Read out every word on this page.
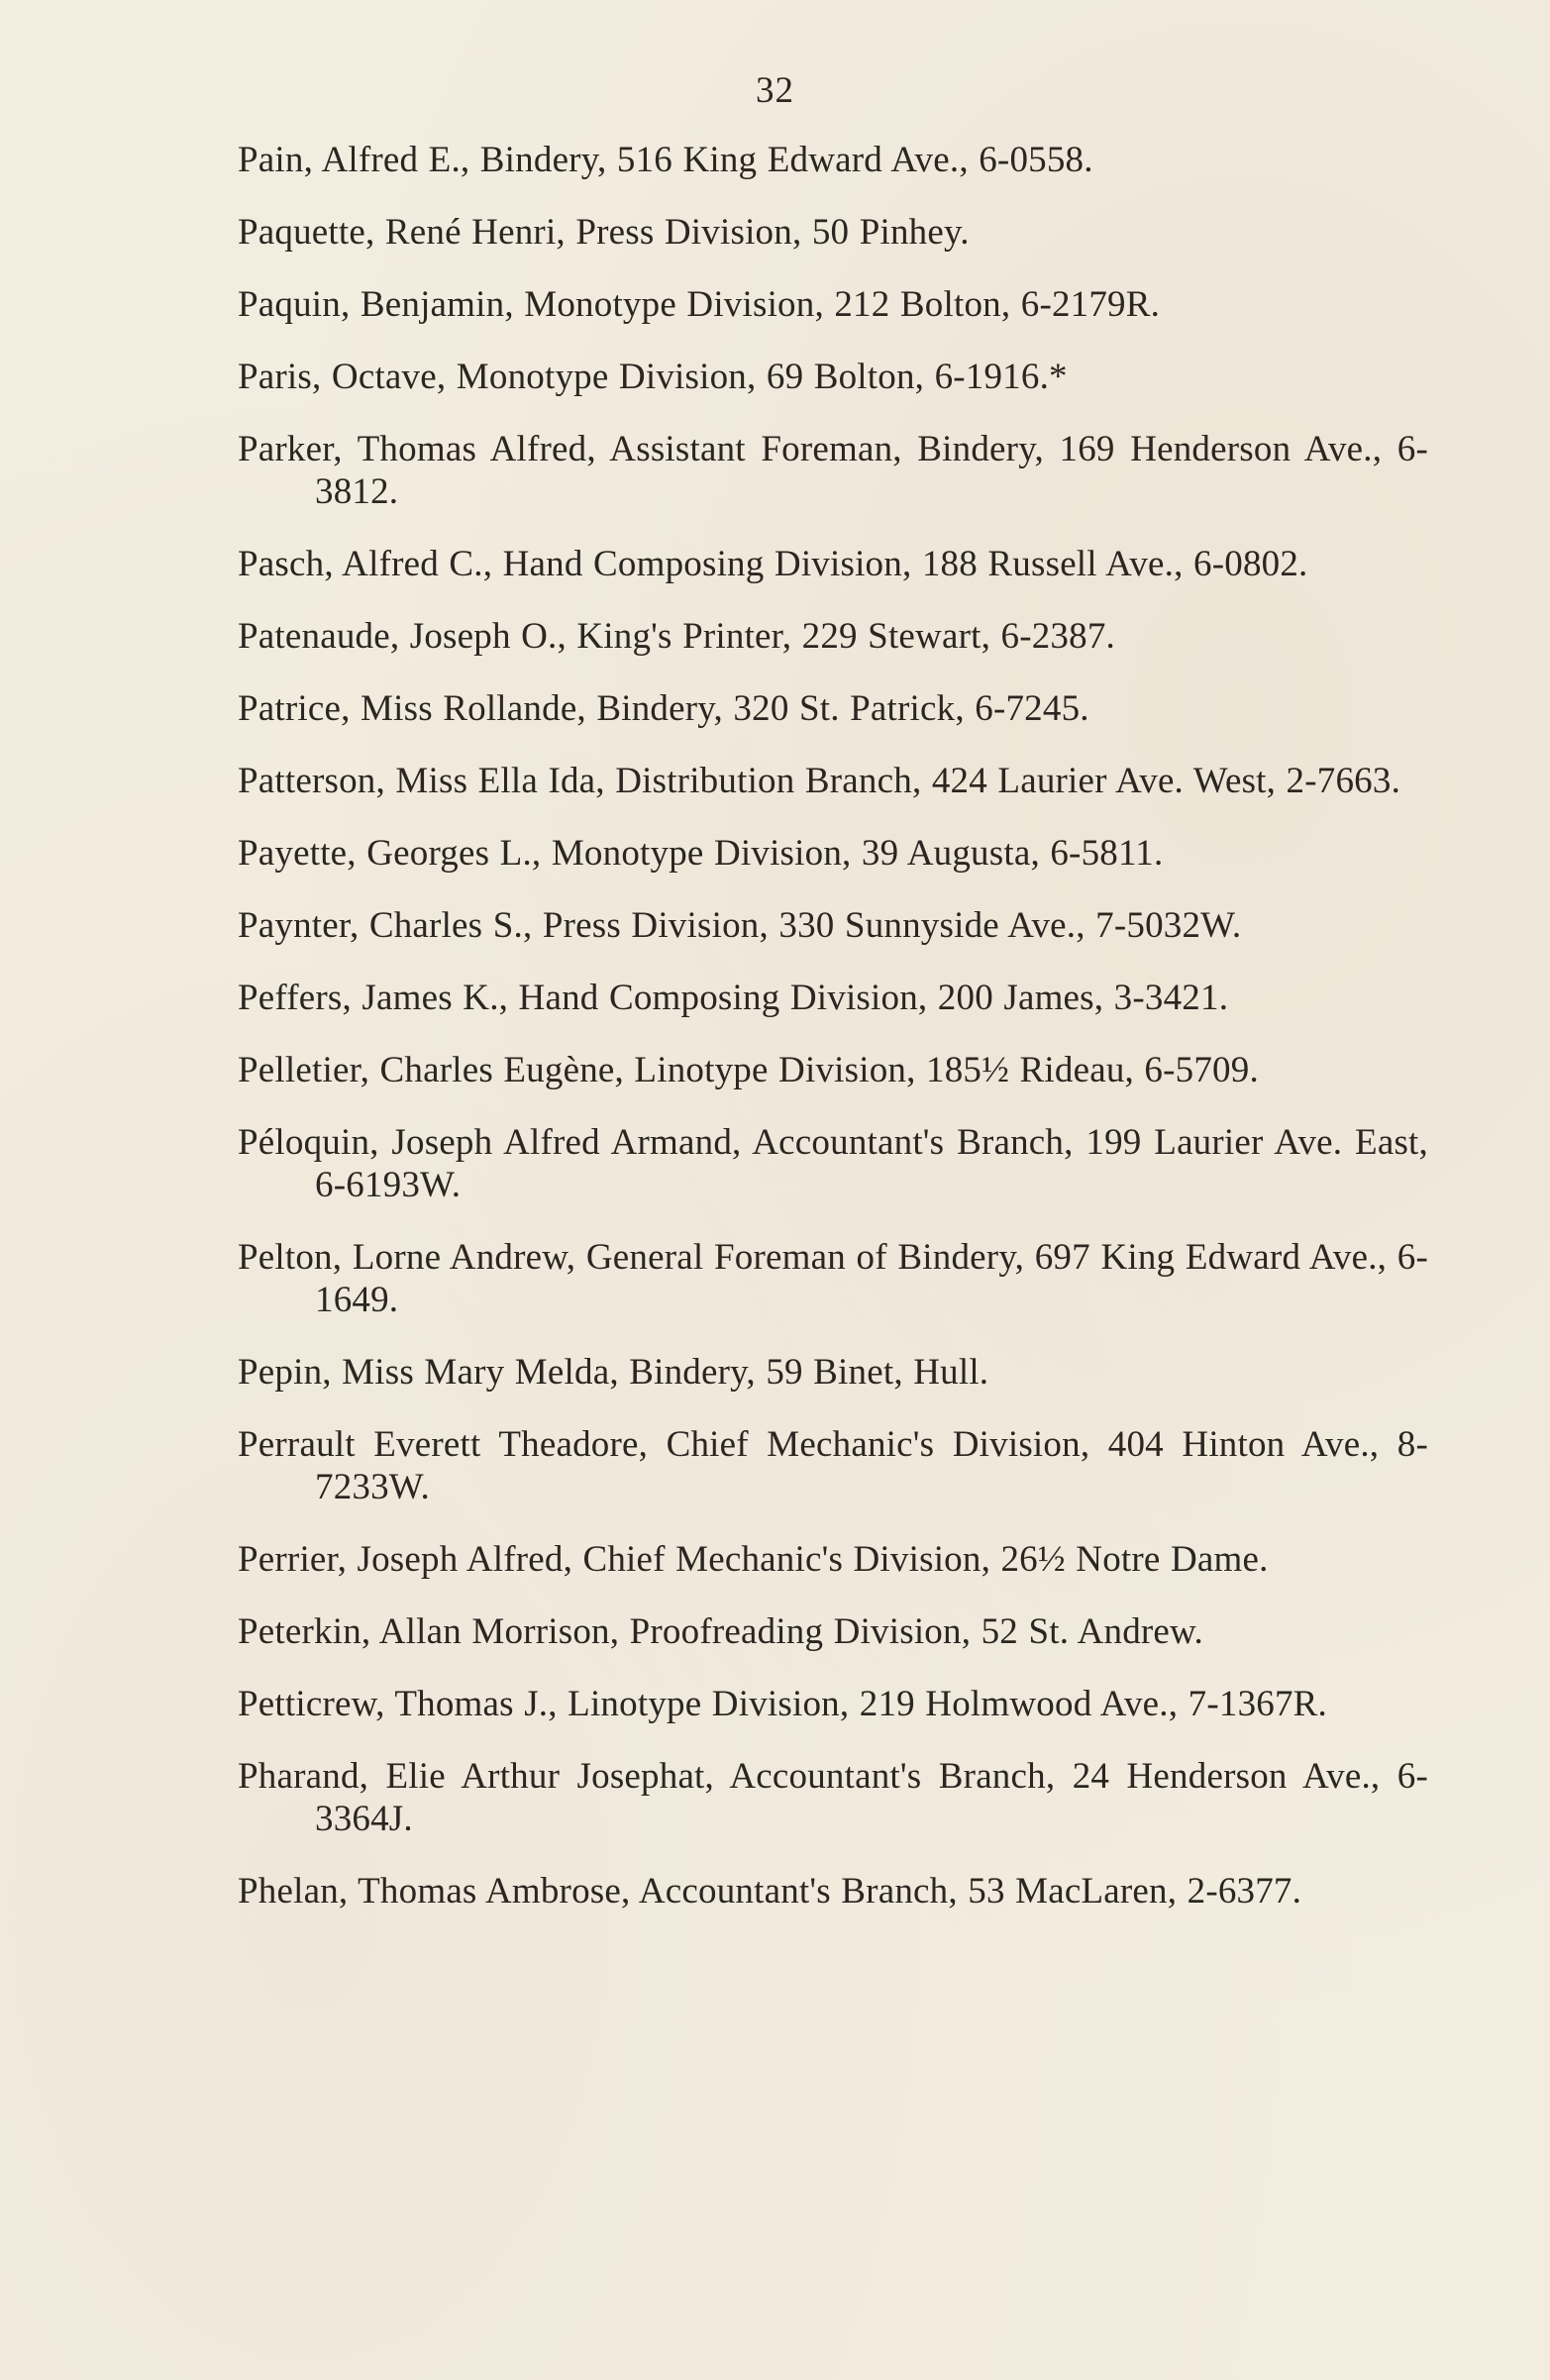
32
Pain, Alfred E., Bindery, 516 King Edward Ave., 6-0558.
Paquette, René Henri, Press Division, 50 Pinhey.
Paquin, Benjamin, Monotype Division, 212 Bolton, 6-2179R.
Paris, Octave, Monotype Division, 69 Bolton, 6-1916.*
Parker, Thomas Alfred, Assistant Foreman, Bindery, 169 Henderson Ave., 6-3812.
Pasch, Alfred C., Hand Composing Division, 188 Russell Ave., 6-0802.
Patenaude, Joseph O., King's Printer, 229 Stewart, 6-2387.
Patrice, Miss Rollande, Bindery, 320 St. Patrick, 6-7245.
Patterson, Miss Ella Ida, Distribution Branch, 424 Laurier Ave. West, 2-7663.
Payette, Georges L., Monotype Division, 39 Augusta, 6-5811.
Paynter, Charles S., Press Division, 330 Sunnyside Ave., 7-5032W.
Peffers, James K., Hand Composing Division, 200 James, 3-3421.
Pelletier, Charles Eugène, Linotype Division, 185½ Rideau, 6-5709.
Péloquin, Joseph Alfred Armand, Accountant's Branch, 199 Laurier Ave. East, 6-6193W.
Pelton, Lorne Andrew, General Foreman of Bindery, 697 King Edward Ave., 6-1649.
Pepin, Miss Mary Melda, Bindery, 59 Binet, Hull.
Perrault Everett Theadore, Chief Mechanic's Division, 404 Hinton Ave., 8-7233W.
Perrier, Joseph Alfred, Chief Mechanic's Division, 26½ Notre Dame.
Peterkin, Allan Morrison, Proofreading Division, 52 St. Andrew.
Petticrew, Thomas J., Linotype Division, 219 Holmwood Ave., 7-1367R.
Pharand, Elie Arthur Josephat, Accountant's Branch, 24 Henderson Ave., 6-3364J.
Phelan, Thomas Ambrose, Accountant's Branch, 53 MacLaren, 2-6377.
